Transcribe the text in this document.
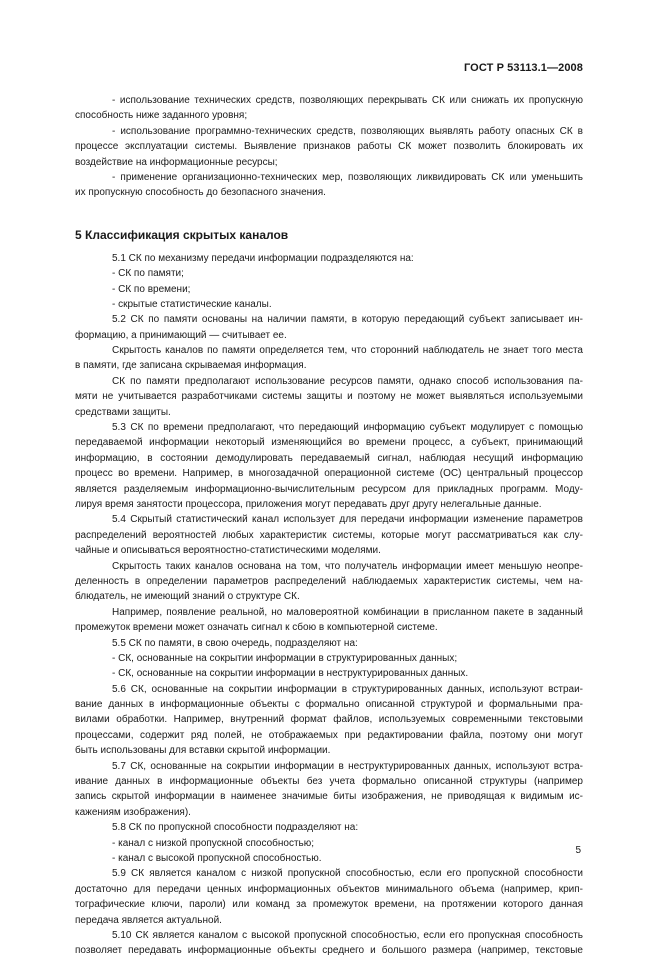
ГОСТ Р 53113.1—2008
- использование технических средств, позволяющих перекрывать СК или снижать их пропускную
способность ниже заданного уровня;
- использование программно-технических средств, позволяющих выявлять работу опасных СК в
процессе эксплуатации системы. Выявление признаков работы СК может позволить блокировать их
воздействие на информационные ресурсы;
- применение организационно-технических мер, позволяющих ликвидировать СК или уменьшить
их пропускную способность до безопасного значения.
5 Классификация скрытых каналов
5.1 СК по механизму передачи информации подразделяются на:
- СК по памяти;
- СК по времени;
- скрытые статистические каналы.
5.2 СК по памяти основаны на наличии памяти, в которую передающий субъект записывает ин-
формацию, а принимающий — считывает ее.
Скрытость каналов по памяти определяется тем, что сторонний наблюдатель не знает того места
в памяти, где записана скрываемая информация.
СК по памяти предполагают использование ресурсов памяти, однако способ использования па-
мяти не учитывается разработчиками системы защиты и поэтому не может выявляться используемыми
средствами защиты.
5.3 СК по времени предполагают, что передающий информацию субъект модулирует с помощью
передаваемой информации некоторый изменяющийся во времени процесс, а субъект, принимающий
информацию, в состоянии демодулировать передаваемый сигнал, наблюдая несущий информацию
процесс во времени. Например, в многозадачной операционной системе (ОС) центральный процессор
является разделяемым информационно-вычислительным ресурсом для прикладных программ. Моду-
лируя время занятости процессора, приложения могут передавать друг другу нелегальные данные.
5.4 Скрытый статистический канал использует для передачи информации изменение параметров
распределений вероятностей любых характеристик системы, которые могут рассматриваться как слу-
чайные и описываться вероятностно-статистическими моделями.
Скрытость таких каналов основана на том, что получатель информации имеет меньшую неопре-
деленность в определении параметров распределений наблюдаемых характеристик системы, чем на-
блюдатель, не имеющий знаний о структуре СК.
Например, появление реальной, но маловероятной комбинации в присланном пакете в заданный
промежуток времени может означать сигнал к сбою в компьютерной системе.
5.5 СК по памяти, в свою очередь, подразделяют на:
- СК, основанные на сокрытии информации в структурированных данных;
- СК, основанные на сокрытии информации в неструктурированных данных.
5.6 СК, основанные на сокрытии информации в структурированных данных, используют встраи-
вание данных в информационные объекты с формально описанной структурой и формальными пра-
вилами обработки. Например, внутренний формат файлов, используемых современными текстовыми
процессами, содержит ряд полей, не отображаемых при редактировании файла, поэтому они могут
быть использованы для вставки скрытой информации.
5.7 СК, основанные на сокрытии информации в неструктурированных данных, используют встра-
ивание данных в информационные объекты без учета формально описанной структуры (например
запись скрытой информации в наименее значимые биты изображения, не приводящая к видимым ис-
кажениям изображения).
5.8 СК по пропускной способности подразделяют на:
- канал с низкой пропускной способностью;
- канал с высокой пропускной способностью.
5.9 СК является каналом с низкой пропускной способностью, если его пропускной способности
достаточно для передачи ценных информационных объектов минимального объема (например, крип-
тографические ключи, пароли) или команд за промежуток времени, на протяжении которого данная
передача является актуальной.
5.10 СК является каналом с высокой пропускной способностью, если его пропускная способность
позволяет передавать информационные объекты среднего и большого размера (например, текстовые
5
